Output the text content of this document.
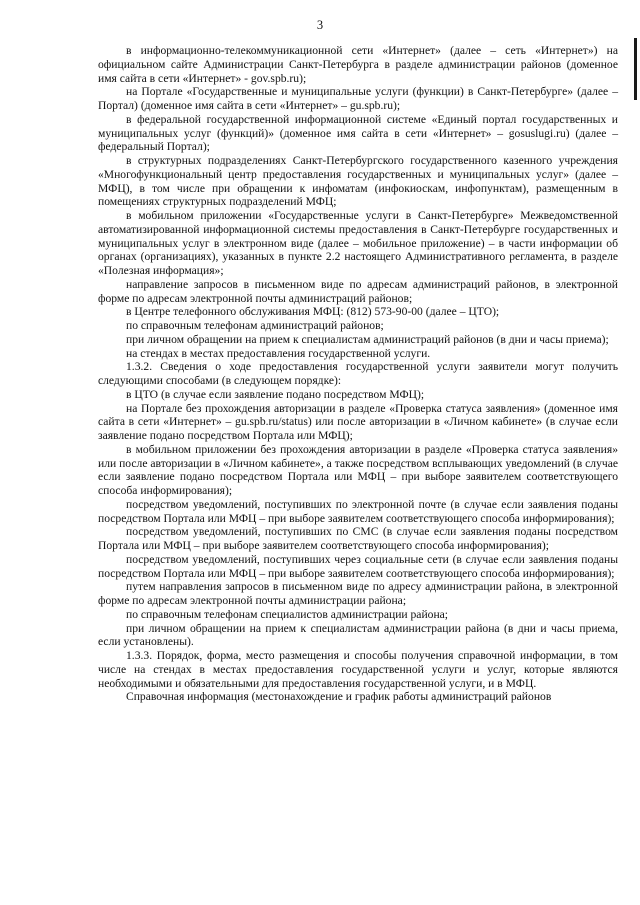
3

в информационно-телекоммуникационной сети «Интернет» (далее – сеть «Интернет») на официальном сайте Администрации Санкт-Петербурга в разделе администрации районов (доменное имя сайта в сети «Интернет» - gov.spb.ru);

на Портале «Государственные и муниципальные услуги (функции) в Санкт-Петербурге» (далее – Портал) (доменное имя сайта в сети «Интернет» – gu.spb.ru);

в федеральной государственной информационной системе «Единый портал государственных и муниципальных услуг (функций)» (доменное имя сайта в сети «Интернет» – gosuslugi.ru) (далее – федеральный Портал);

в структурных подразделениях Санкт-Петербургского государственного казенного учреждения «Многофункциональный центр предоставления государственных и муниципальных услуг» (далее – МФЦ), в том числе при обращении к инфоматам (инфокиоскам, инфопунктам), размещенным в помещениях структурных подразделений МФЦ;

в мобильном приложении «Государственные услуги в Санкт-Петербурге» Межведомственной автоматизированной информационной системы предоставления в Санкт-Петербурге государственных и муниципальных услуг в электронном виде (далее – мобильное приложение) – в части информации об органах (организациях), указанных в пункте 2.2 настоящего Административного регламента, в разделе «Полезная информация»;

направление запросов в письменном виде по адресам администраций районов, в электронной форме по адресам электронной почты администраций районов;

в Центре телефонного обслуживания МФЦ: (812) 573-90-00 (далее – ЦТО);

по справочным телефонам администраций районов;

при личном обращении на прием к специалистам администраций районов (в дни и часы приема);

на стендах в местах предоставления государственной услуги.

1.3.2. Сведения о ходе предоставления государственной услуги заявители могут получить следующими способами (в следующем порядке):

в ЦТО (в случае если заявление подано посредством МФЦ);

на Портале без прохождения авторизации в разделе «Проверка статуса заявления» (доменное имя сайта в сети «Интернет» – gu.spb.ru/status) или после авторизации в «Личном кабинете» (в случае если заявление подано посредством Портала или МФЦ);

в мобильном приложении без прохождения авторизации в разделе «Проверка статуса заявления» или после авторизации в «Личном кабинете», а также посредством всплывающих уведомлений (в случае если заявление подано посредством Портала или МФЦ – при выборе заявителем соответствующего способа информирования);

посредством уведомлений, поступивших по электронной почте (в случае если заявления поданы посредством Портала или МФЦ – при выборе заявителем соответствующего способа информирования);

посредством уведомлений, поступивших по СМС (в случае если заявления поданы посредством Портала или МФЦ – при выборе заявителем соответствующего способа информирования);

посредством уведомлений, поступивших через социальные сети (в случае если заявления поданы посредством Портала или МФЦ – при выборе заявителем соответствующего способа информирования);

путем направления запросов в письменном виде по адресу администрации района, в электронной форме по адресам электронной почты администрации района;

по справочным телефонам специалистов администрации района;

при личном обращении на прием к специалистам администрации района (в дни и часы приема, если установлены).

1.3.3. Порядок, форма, место размещения и способы получения справочной информации, в том числе на стендах в местах предоставления государственной услуги и услуг, которые являются необходимыми и обязательными для предоставления государственной услуги, и в МФЦ.

Справочная информация (местонахождение и график работы администраций районов
